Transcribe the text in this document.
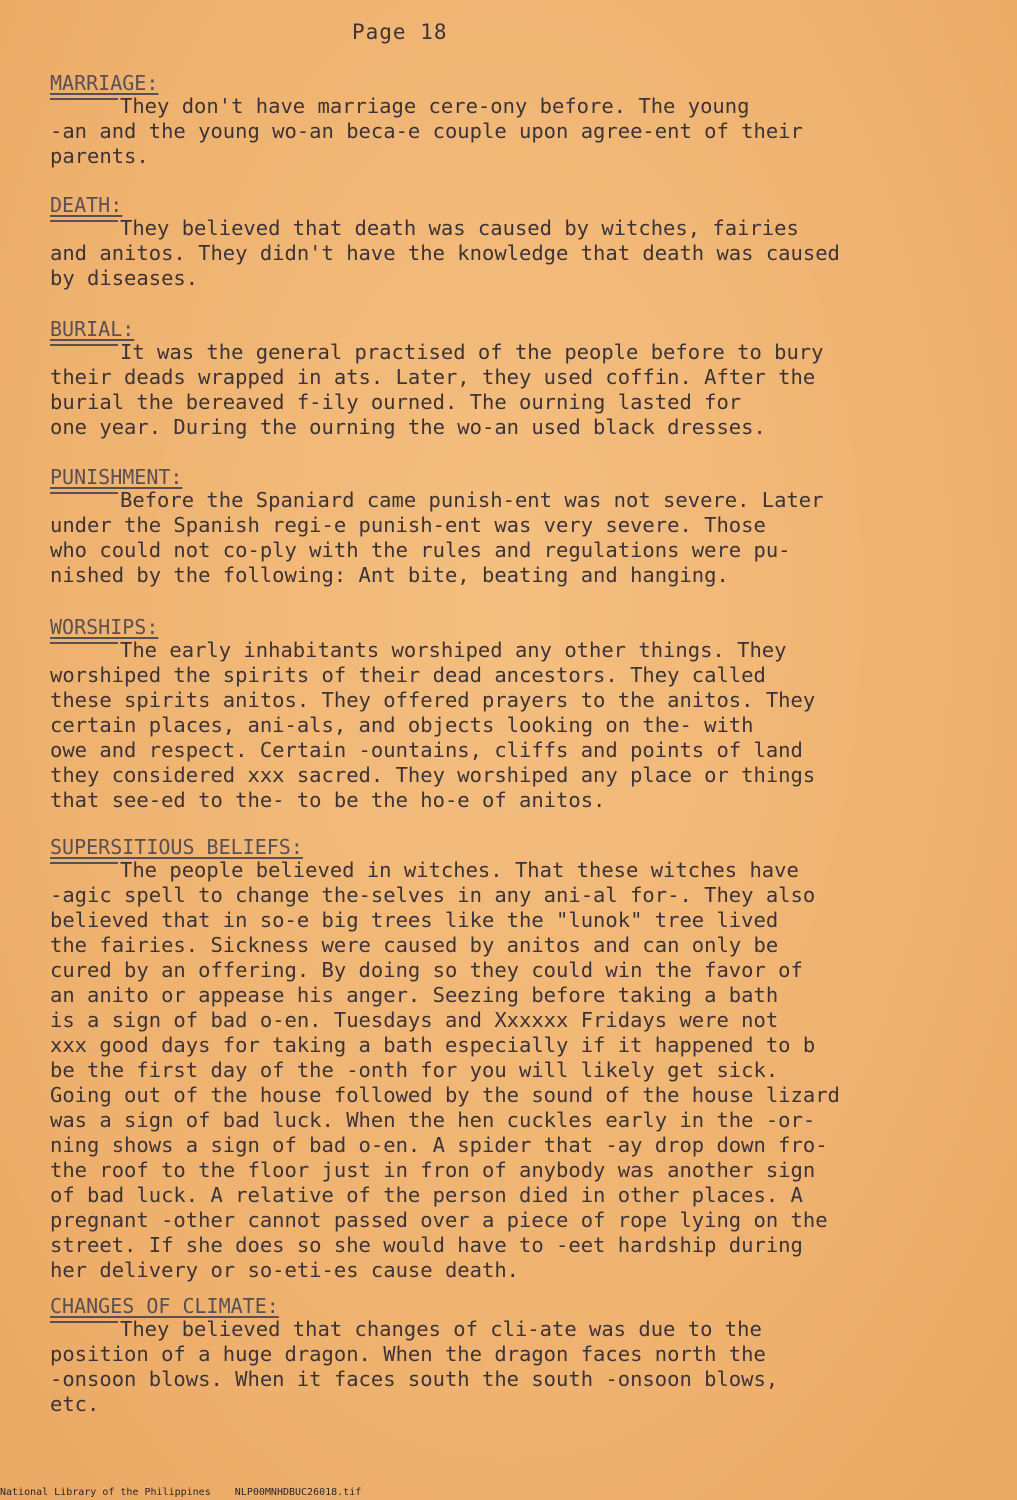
Page 18
MARRIAGE:
They don't have marriage cere-ony before. The young
-an and the young wo-an beca-e couple upon agree-ent of their
parents.
DEATH:
They believed that death was caused by witches, fairies
and anitos. They didn't have the knowledge that death was caused
by diseases.
BURIAL:
It was the general practised of the people before to bury
their deads wrapped in ats. Later, they used coffin. After the
burial the bereaved f-ily ourned. The ourning lasted for
one year. During the ourning the wo-an used black dresses.
PUNISHMENT:
Before the Spaniard came punish-ent was not severe. Later
under the Spanish regi-e punish-ent was very severe. Those
who could not co-ply with the rules and regulations were pu-
nished by the following: Ant bite, beating and hanging.
WORSHIPS:
The early inhabitants worshiped any other things. They
worshiped the spirits of their dead ancestors. They called
these spirits anitos. They offered prayers to the anitos. They
certain places, ani-als, and objects looking on the- with
owe and respect. Certain -ountains, cliffs and points of land
they considered xxx sacred. They worshiped any place or things
that see-ed to the- to be the ho-e of anitos.
SUPERSITIOUS BELIEFS:
The people believed in witches. That these witches have
-agic spell to change the-selves in any ani-al for-. They also
believed that in so-e big trees like the "lunok" tree lived
the fairies. Sickness were caused by anitos and can only be
cured by an offering. By doing so they could win the favor of
an anito or appease his anger. Seezing before taking a bath
is a sign of bad o-en. Tuesdays and Xxxxxx Fridays were not
xxx good days for taking a bath especially if it happened to b
be the first day of the -onth for you will likely get sick.
Going out of the house followed by the sound of the house lizard
was a sign of bad luck. When the hen cuckles early in the -or-
ning shows a sign of bad o-en. A spider that -ay drop down fro-
the roof to the floor just in fron of anybody was another sign
of bad luck. A relative of the person died in other places. A
pregnant -other cannot passed over a piece of rope lying on the
street. If she does so she would have to -eet hardship during
her delivery or so-eti-es cause death.
CHANGES OF CLIMATE:
They believed that changes of cli-ate was due to the
position of a huge dragon. When the dragon faces north the
-onsoon blows. When it faces south the south -onsoon blows,
etc.
National Library of the Philippines    NLP00MNHDBUC26018.tif
